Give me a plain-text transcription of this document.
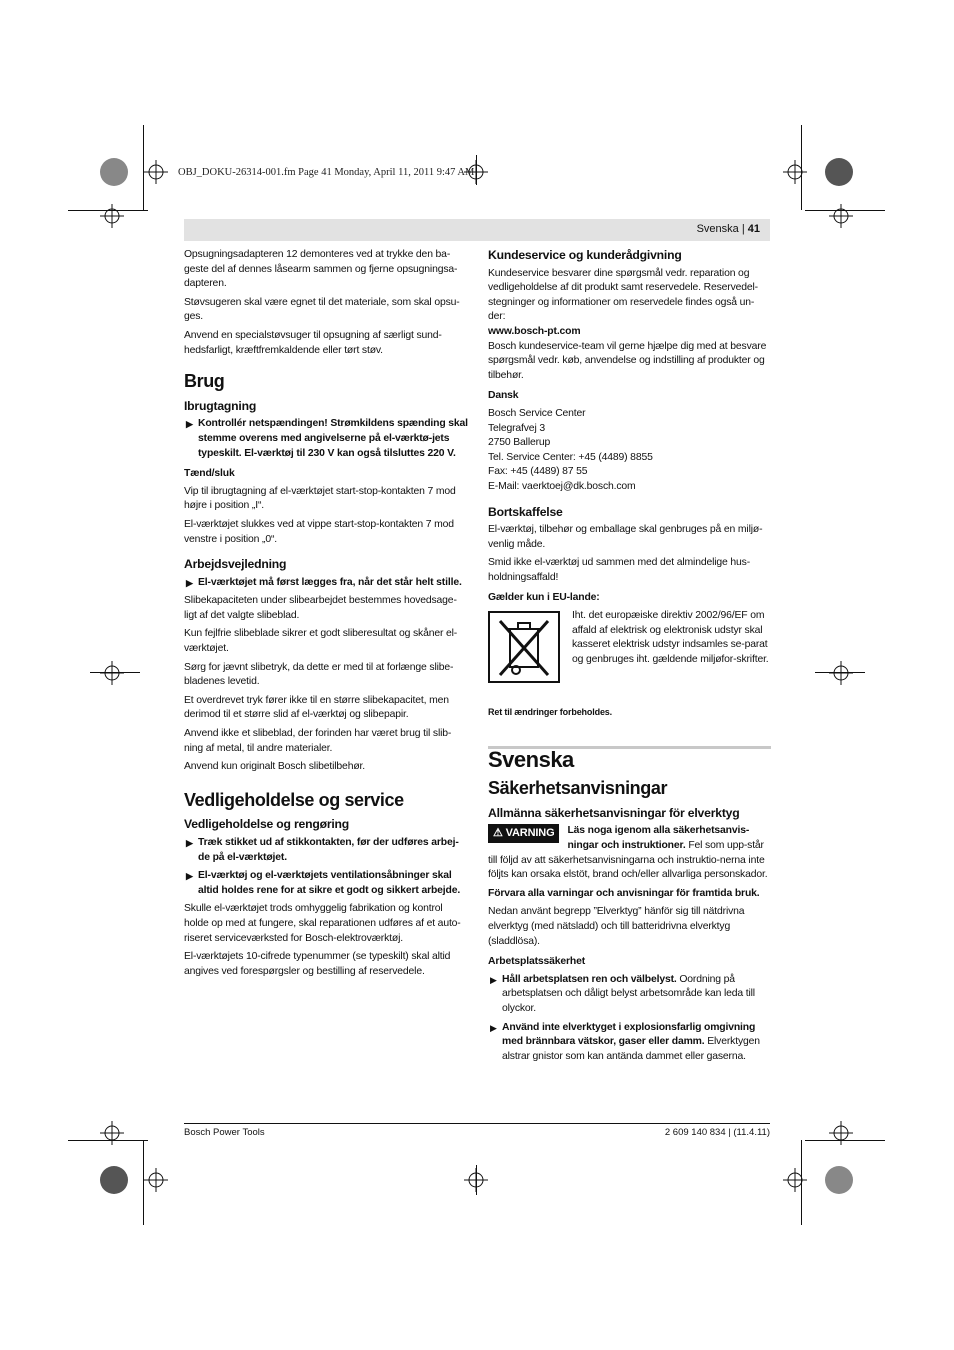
OBJ_DOKU-26314-001.fm Page 41 Monday, April 11, 2011 9:47 AM
Svenska | 41

Opsugningsadapteren 12 demonteres ved at trykke den ba-geste del af dennes låsearm sammen og fjerne opsugningsa-dapteren.

Støvsugeren skal være egnet til det materiale, som skal opsu-ges.

Anvend en specialstøvsuger til opsugning af særligt sund-hedsfarligt, kræftfremkaldende eller tørt støv.

Brug
Ibrugtagning
▶ Kontrollér netspændingen! Strømkildens spænding skal stemme overens med angivelserne på el-værktø-jets typeskilt. El-værktøj til 230 V kan også tilsluttes 220 V.
Tænd/sluk

Vip til ibrugtagning af el-værktøjet start-stop-kontakten 7 mod højre i position „I“.

El-værktøjet slukkes ved at vippe start-stop-kontakten 7 mod venstre i position „0“.

Arbejdsvejledning
▶ El-værktøjet må først lægges fra, når det står helt stille.

Slibekapaciteten under slibearbejdet bestemmes hovedsage-ligt af det valgte slibeblad.

Kun fejlfrie slibeblade sikrer et godt sliberesultat og skåner el-værktøjet.

Sørg for jævnt slibetryk, da dette er med til at forlænge slibe-bladenes levetid.

Et overdrevet tryk fører ikke til en større slibekapacitet, men derimod til et større slid af el-værktøj og slibepapir.

Anvend ikke et slibeblad, der forinden har været brug til slib-ning af metal, til andre materialer.

Anvend kun originalt Bosch slibetilbehør.

Vedligeholdelse og service
Vedligeholdelse og rengøring
▶ Træk stikket ud af stikkontakten, før der udføres arbej-de på el-værktøjet.
▶ El-værktøj og el-værktøjets ventilationsåbninger skal altid holdes rene for at sikre et godt og sikkert arbejde.

Skulle el-værktøjet trods omhyggelig fabrikation og kontrol holde op med at fungere, skal reparationen udføres af et auto-riseret serviceværksted for Bosch-elektroværktøj.

El-værktøjets 10-cifrede typenummer (se typeskilt) skal altid angives ved forespørgsler og bestilling af reservedele.

Kundeservice og kunderådgivning

Kundeservice besvarer dine spørgsmål vedr. reparation og vedligeholdelse af dit produkt samt reservedele. Reservedel-stegninger og informationer om reservedele findes også un-der:

www.bosch-pt.com

Bosch kundeservice-team vil gerne hjælpe dig med at besvare spørgsmål vedr. køb, anvendelse og indstilling af produkter og tilbehør.

Dansk
Bosch Service Center
Telegrafvej 3
2750 Ballerup
Tel. Service Center: +45 (4489) 8855
Fax: +45 (4489) 87 55
E-Mail: vaerktoej@dk.bosch.com
Bortskaffelse

El-værktøj, tilbehør og emballage skal genbruges på en miljø-venlig måde.

Smid ikke el-værktøj ud sammen med det almindelige hus-holdningsaffald!

Gælder kun i EU-lande:

Iht. det europæiske direktiv 2002/96/EF om affald af elektrisk og elektronisk udstyr skal kasseret elektrisk udstyr indsamles se-parat og genbruges iht. gældende miljøfor-skrifter.

Ret til ændringer forbeholdes.

Svenska
Säkerhetsanvisningar
Allmänna säkerhetsanvisningar för elverktyg
⚠ VARNING	Läs noga igenom alla säkerhetsanvis-ningar och instruktioner. Fel som upp-står till följd av att säkerhetsanvisningarna och instruktio-nerna inte följts kan orsaka elstöt, brand och/eller allvarliga personskador.

Förvara alla varningar och anvisningar för framtida bruk.

Nedan använt begrepp ”Elverktyg” hänför sig till nätdrivna elverktyg (med nätsladd) och till batteridrivna elverktyg (sladdlösa).

Arbetsplatssäkerhet
▶ Håll arbetsplatsen ren och välbelyst. Oordning på arbetsplatsen och dåligt belyst arbetsområde kan leda till olyckor.
▶ Använd inte elverktyget i explosionsfarlig omgivning med brännbara vätskor, gaser eller damm. Elverktygen alstrar gnistor som kan antända dammet eller gaserna.
Bosch Power Tools	2 609 140 834 | (11.4.11)
